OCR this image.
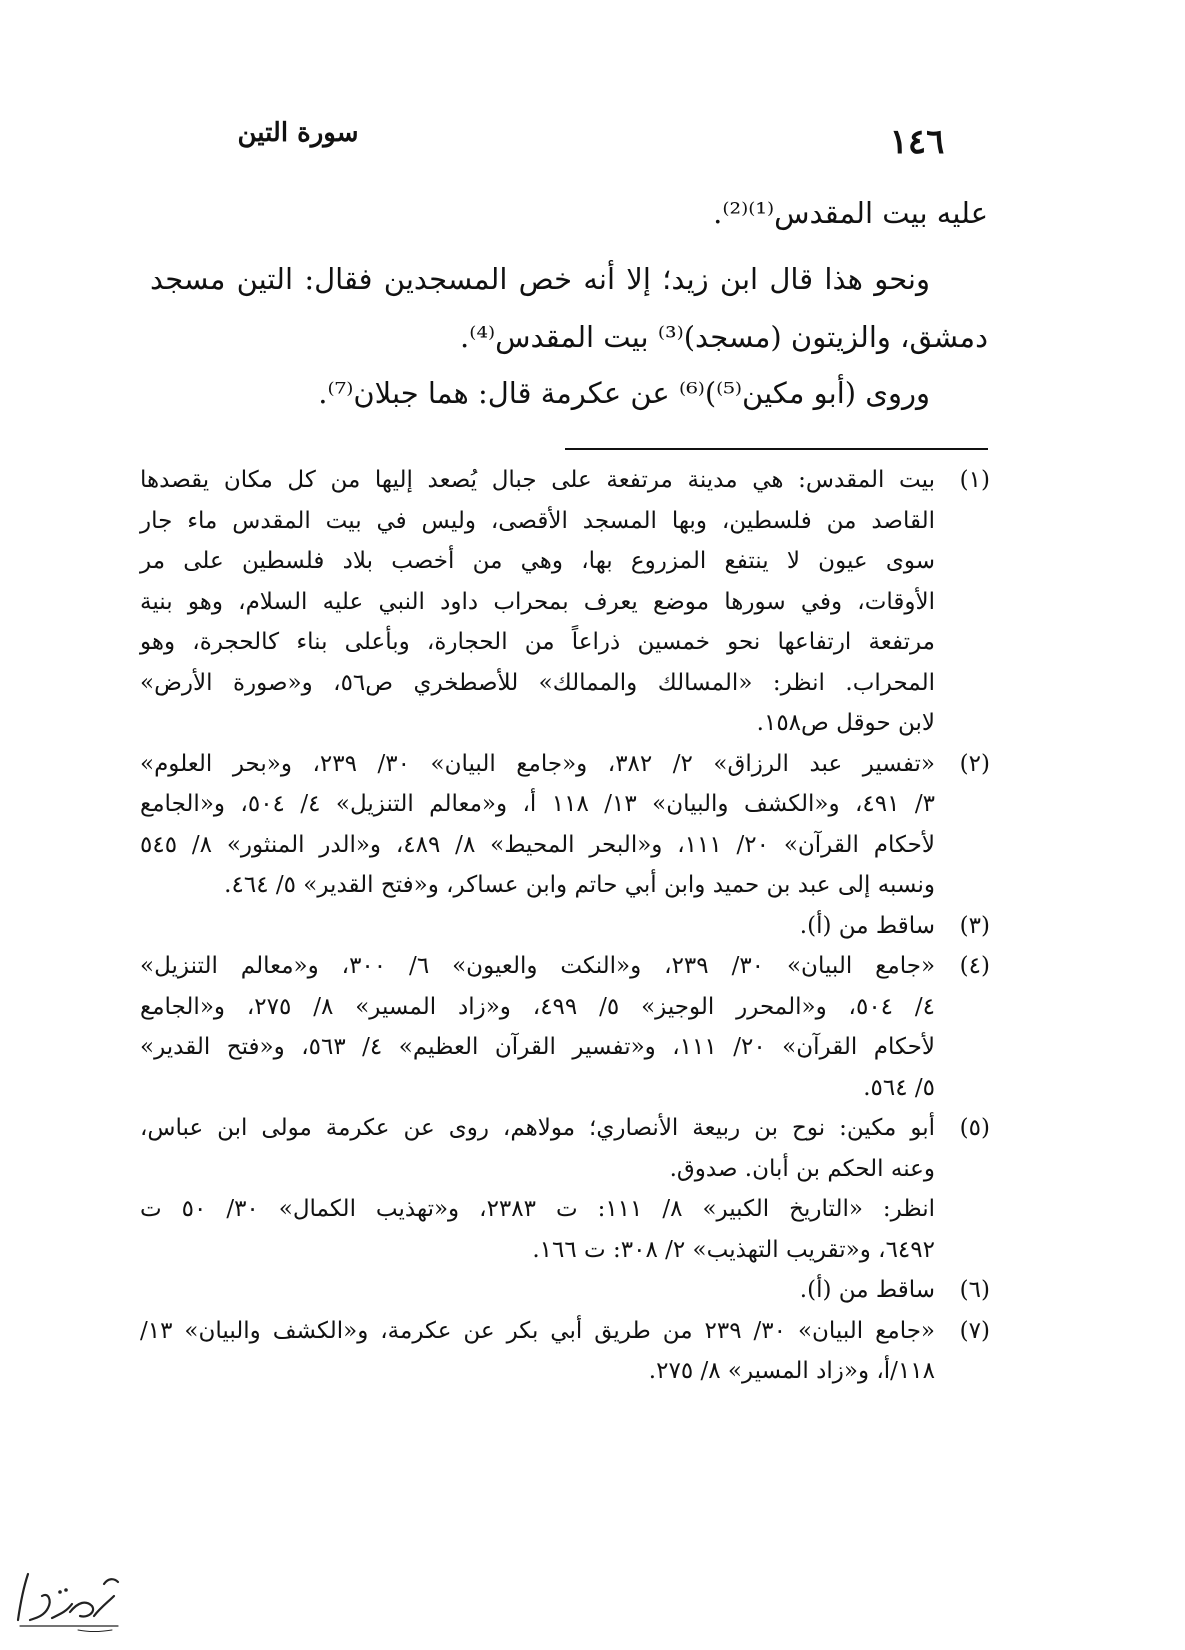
١٤٦
سورة التين
عليه بيت المقدس⁽¹⁾⁽²⁾.
ونحو هذا قال ابن زيد؛ إلا أنه خص المسجدين فقال: التين مسجد
دمشق، والزيتون (مسجد)⁽³⁾ بيت المقدس⁽⁴⁾.
وروى (أبو مكين⁽⁵⁾)⁽⁶⁾ عن عكرمة قال: هما جبلان⁽⁷⁾.
(١)
بيت المقدس: هي مدينة مرتفعة على جبال يُصعد إليها من كل مكان يقصدها
القاصد من فلسطين، وبها المسجد الأقصى، وليس في بيت المقدس ماء جار
سوى عيون لا ينتفع المزروع بها، وهي من أخصب بلاد فلسطين على مر
الأوقات، وفي سورها موضع يعرف بمحراب داود النبي عليه السلام، وهو بنية
مرتفعة ارتفاعها نحو خمسين ذراعاً من الحجارة، وبأعلى بناء كالحجرة، وهو
المحراب. انظر: «المسالك والممالك» للأصطخري ص٥٦، و«صورة الأرض»
لابن حوقل ص١٥٨.
(٢)
«تفسير عبد الرزاق» ٢/ ٣٨٢، و«جامع البيان» ٣٠/ ٢٣٩، و«بحر العلوم»
٣/ ٤٩١، و«الكشف والبيان» ١٣/ ١١٨ أ، و«معالم التنزيل» ٤/ ٥٠٤، و«الجامع
لأحكام القرآن» ٢٠/ ١١١، و«البحر المحيط» ٨/ ٤٨٩، و«الدر المنثور» ٨/ ٥٤٥
ونسبه إلى عبد بن حميد وابن أبي حاتم وابن عساكر، و«فتح القدير» ٥/ ٤٦٤.
(٣)
ساقط من (أ).
(٤)
«جامع البيان» ٣٠/ ٢٣٩، و«النكت والعيون» ٦/ ٣٠٠، و«معالم التنزيل»
٤/ ٥٠٤، و«المحرر الوجيز» ٥/ ٤٩٩، و«زاد المسير» ٨/ ٢٧٥، و«الجامع
لأحكام القرآن» ٢٠/ ١١١، و«تفسير القرآن العظيم» ٤/ ٥٦٣، و«فتح القدير»
٥/ ٥٦٤.
(٥)
أبو مكين: نوح بن ربيعة الأنصاري؛ مولاهم، روى عن عكرمة مولى ابن عباس،
وعنه الحكم بن أبان. صدوق.
انظر: «التاريخ الكبير» ٨/ ١١١: ت ٢٣٨٣، و«تهذيب الكمال» ٣٠/ ٥٠ ت
٦٤٩٢، و«تقريب التهذيب» ٢/ ٣٠٨: ت ١٦٦.
(٦)
ساقط من (أ).
(٧)
«جامع البيان» ٣٠/ ٢٣٩ من طريق أبي بكر عن عكرمة، و«الكشف والبيان» ١٣/
١١٨/أ، و«زاد المسير» ٨/ ٢٧٥.
